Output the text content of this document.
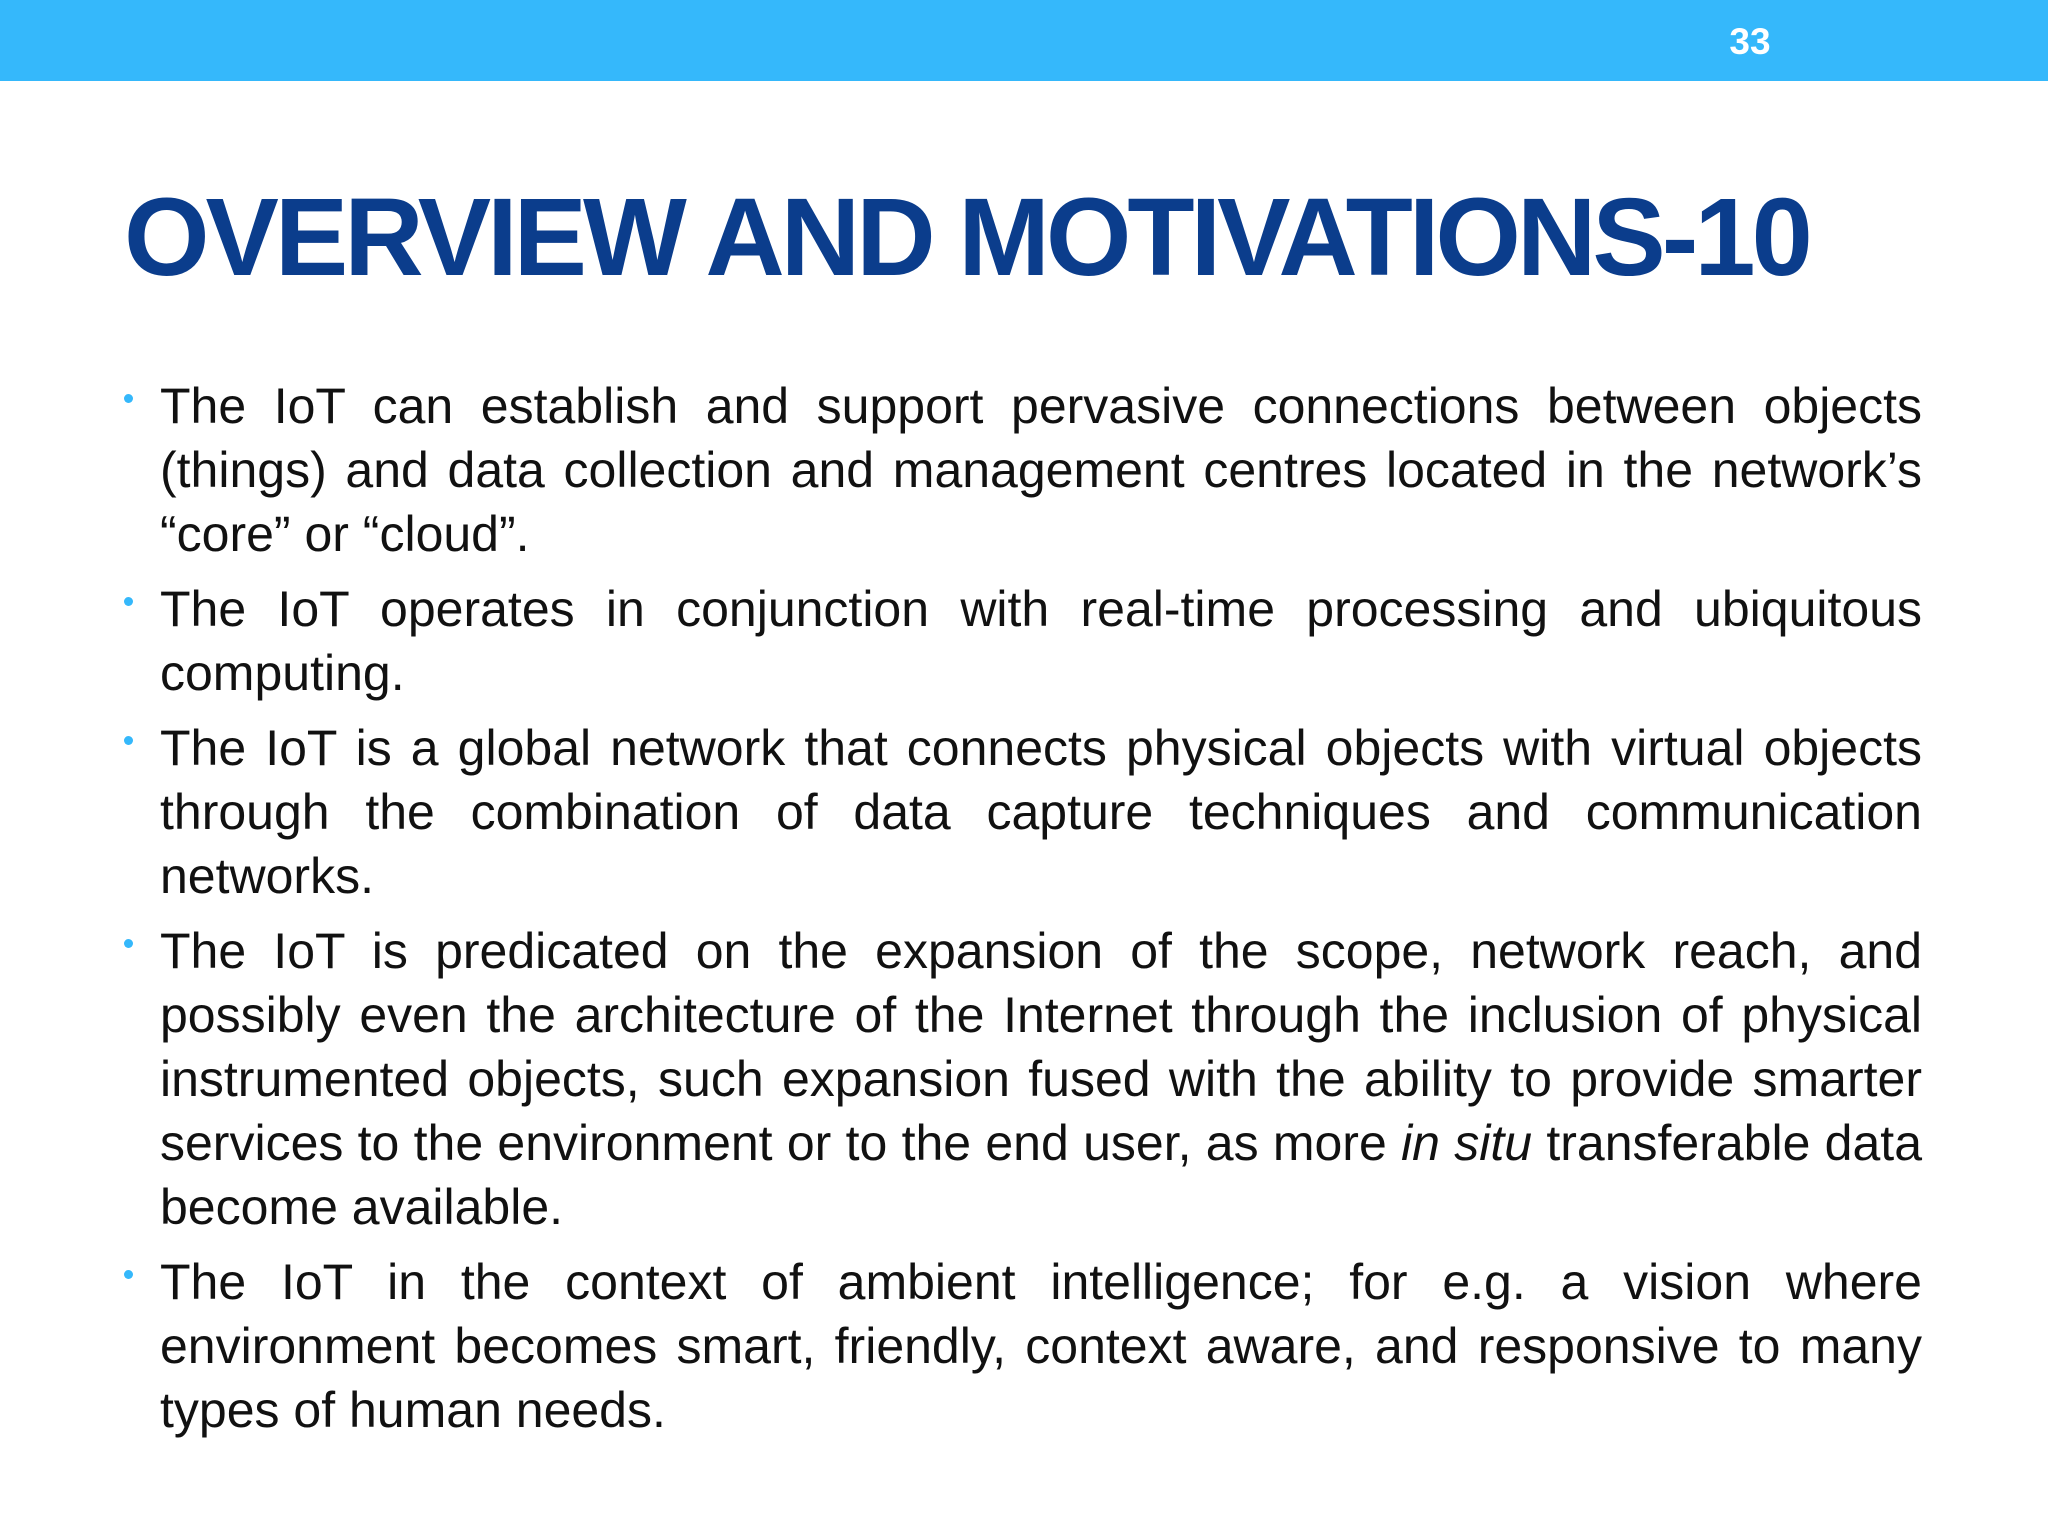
33
OVERVIEW AND MOTIVATIONS-10
The IoT can establish and support pervasive connections between objects (things) and data collection and management centres located in the network’s “core” or “cloud”.
The IoT operates in conjunction with real-time processing and ubiquitous computing.
The IoT is a global network that connects physical objects with virtual objects through the combination of data capture techniques and communication networks.
The IoT is predicated on the expansion of the scope, network reach, and possibly even the architecture of the Internet through the inclusion of physical instrumented objects, such expansion fused with the ability to provide smarter services to the environment or to the end user, as more in situ transferable data become available.
The IoT in the context of ambient intelligence; for e.g. a vision where environment becomes smart, friendly, context aware, and responsive to many types of human needs.
